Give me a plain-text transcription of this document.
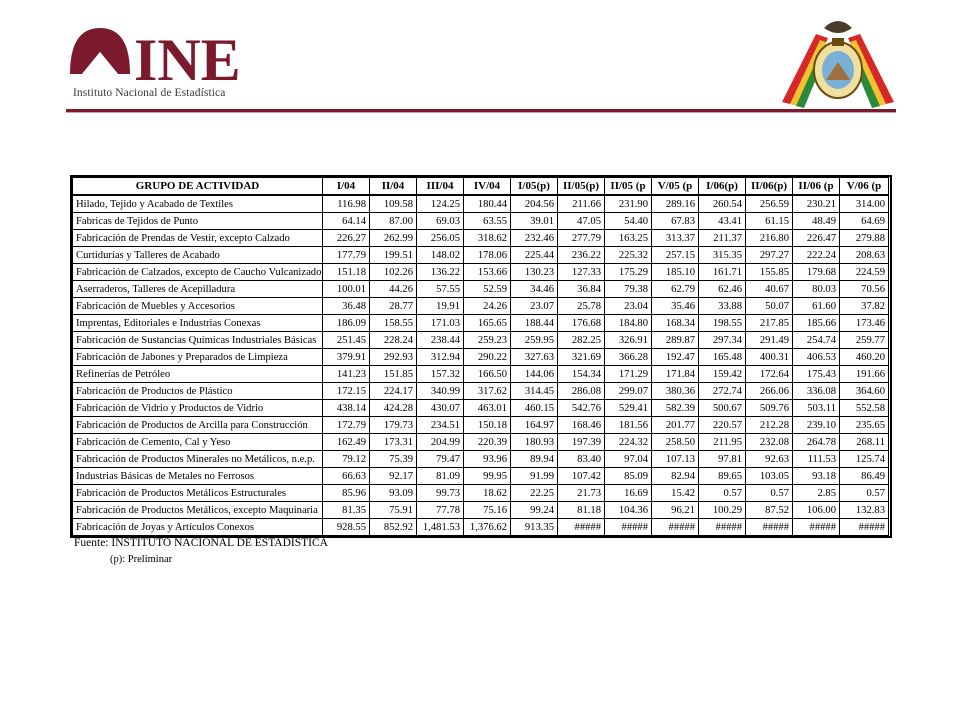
INE
Instituto Nacional de Estadística
GRUPO DE ACTIVIDAD	I/04	II/04	III/04	IV/04	I/05(p)	II/05(p)	II/05 (p	V/05 (p	I/06(p)	II/06(p)	II/06 (p	V/06 (p
Hilado, Tejido y Acabado de Textiles	116.98	109.58	124.25	180.44	204.56	211.66	231.90	289.16	260.54	256.59	230.21	314.00
Fabricas de Tejidos de Punto	64.14	87.00	69.03	63.55	39.01	47.05	54.40	67.83	43.41	61.15	48.49	64.69
Fabricación de Prendas de Vestir, excepto Calzado	226.27	262.99	256.05	318.62	232.46	277.79	163.25	313.37	211.37	216.80	226.47	279.88
Curtidurías y Talleres de Acabado	177.79	199.51	148.02	178.06	225.44	236.22	225.32	257.15	315.35	297.27	222.24	208.63
Fabricación de Calzados, excepto de Caucho Vulcanizado	151.18	102.26	136.22	153.66	130.23	127.33	175.29	185.10	161.71	155.85	179.68	224.59
Aserraderos, Talleres de Acepilladura	100.01	44.26	57.55	52.59	34.46	36.84	79.38	62.79	62.46	40.67	80.03	70.56
Fabricación de Muebles y Accesorios	36.48	28.77	19.91	24.26	23.07	25.78	23.04	35.46	33.88	50.07	61.60	37.82
Imprentas, Editoriales e Industrias Conexas	186.09	158.55	171.03	165.65	188.44	176.68	184.80	168.34	198.55	217.85	185.66	173.46
Fabricación de Sustancias Químicas Industriales Básicas	251.45	228.24	238.44	259.23	259.95	282.25	326.91	289.87	297.34	291.49	254.74	259.77
Fabricación de Jabones y Preparados de Limpieza	379.91	292.93	312.94	290.22	327.63	321.69	366.28	192.47	165.48	400.31	406.53	460.20
Refinerías de Petróleo	141.23	151.85	157.32	166.50	144.06	154.34	171.29	171.84	159.42	172.64	175.43	191.66
Fabricación de Productos de Plástico	172.15	224.17	340.99	317.62	314.45	286.08	299.07	380.36	272.74	266.06	336.08	364.60
Fabricación de Vidrio y Productos de Vidrio	438.14	424.28	430.07	463.01	460.15	542.76	529.41	582.39	500.67	509.76	503.11	552.58
Fabricación de Productos de Arcilla para Construcción	172.79	179.73	234.51	150.18	164.97	168.46	181.56	201.77	220.57	212.28	239.10	235.65
Fabricación de Cemento, Cal y Yeso	162.49	173.31	204.99	220.39	180.93	197.39	224.32	258.50	211.95	232.08	264.78	268.11
Fabricación de Productos Minerales no Metálicos, n.e.p.	79.12	75.39	79.47	93.96	89.94	83.40	97.04	107.13	97.81	92.63	111.53	125.74
Industrias Básicas de Metales no Ferrosos	66.63	92.17	81.09	99.95	91.99	107.42	85.09	82.94	89.65	103.05	93.18	86.49
Fabricación de Productos Metálicos Estructurales	85.96	93.09	99.73	18.62	22.25	21.73	16.69	15.42	0.57	0.57	2.85	0.57
Fabricación de Productos Metálicos, excepto Maquinaria	81.35	75.91	77.78	75.16	99.24	81.18	104.36	96.21	100.29	87.52	106.00	132.83
Fabricación de Joyas y Artículos Conexos	928.55	852.92	1,481.53	1,376.62	913.35	#####	#####	#####	#####	#####	#####	#####
Fuente: INSTITUTO NACIONAL DE ESTADÍSTICA
(p): Preliminar
